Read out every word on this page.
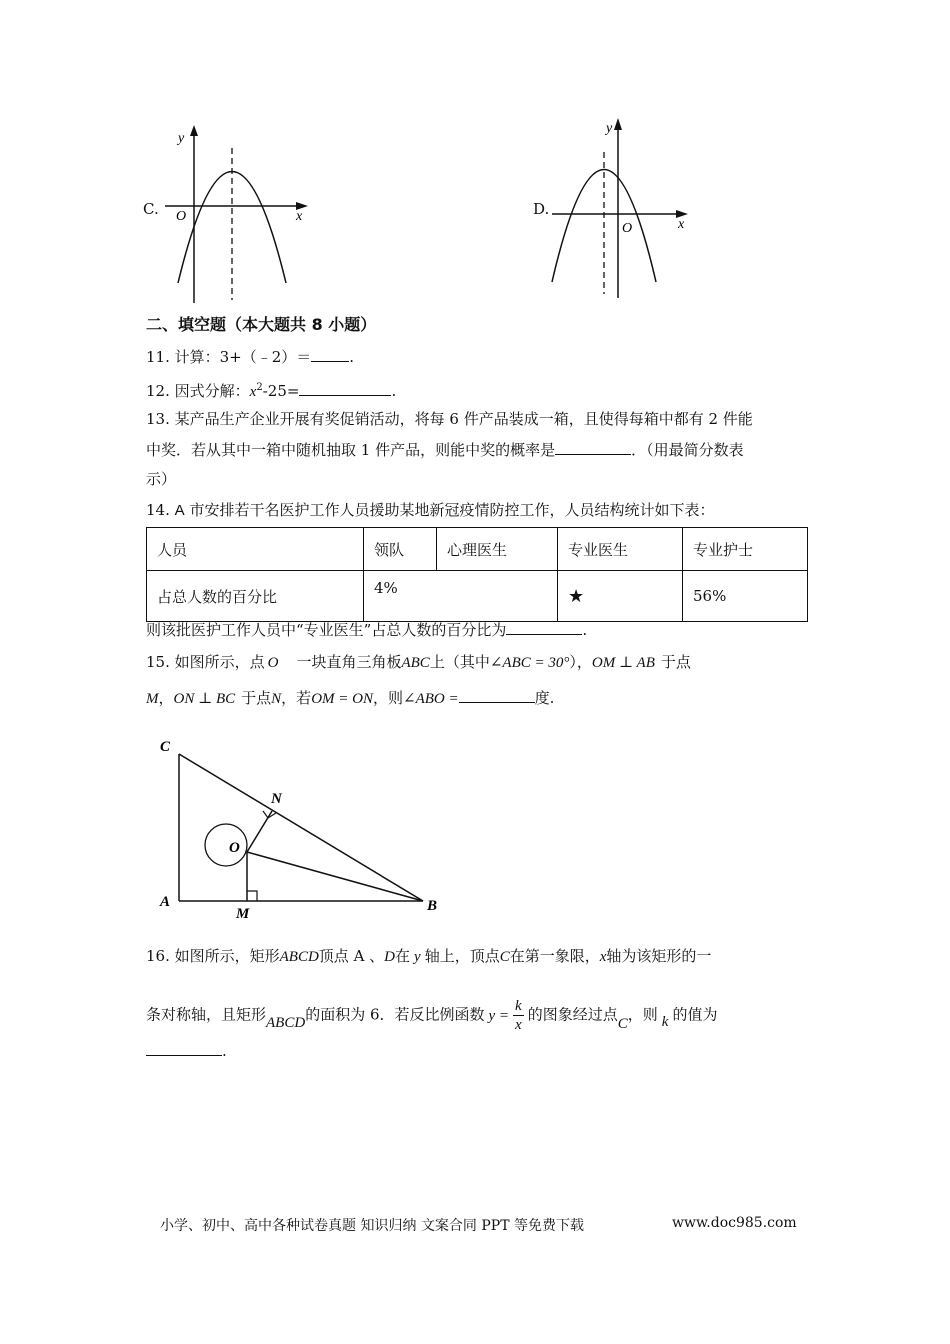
C.
y
x
O	D.
y
x
O
二、填空题（本大题共 8 小题）
11. 计算：3+（﹣2）＝	.
12. 因式分解：$x^2-25=$	.
13. 某产品生产企业开展有奖促销活动，将每 6 件产品装成一箱，且使得每箱中都有 2 件能
中奖．若从其中一箱中随机抽取 1 件产品，则能中奖的概率是	．（用最简分数表
示）
14. A 市安排若干名医护工作人员援助某地新冠疫情防控工作，人员结构统计如下表：
人员	领队	心理医生	专业医生	专业护士
占总人数的百分比	4%		★	56%
则该批医护工作人员中“专业医生”占总人数的百分比为	.
15. 如图所示，点 O 一块直角三角板ABC上（其中∠ABC = 30°），OM ⊥ AB 于点
M，ON ⊥ BC 于点N，若OM = ON，则∠ABO =	度.
C
N
O
A
M	B
16. 如图所示，矩形ABCD顶点 A 、D在 y 轴上，顶点C在第一象限，x轴为该矩形的一
条对称轴，且矩形ABCD的面积为 6．若反比例函数 $y = \frac{k}{x}$ 的图象经过点C，则 k 的值为
.
小学、初中、高中各种试卷真题 知识归纳 文案合同 PPT 等免费下载	www.doc985.com
